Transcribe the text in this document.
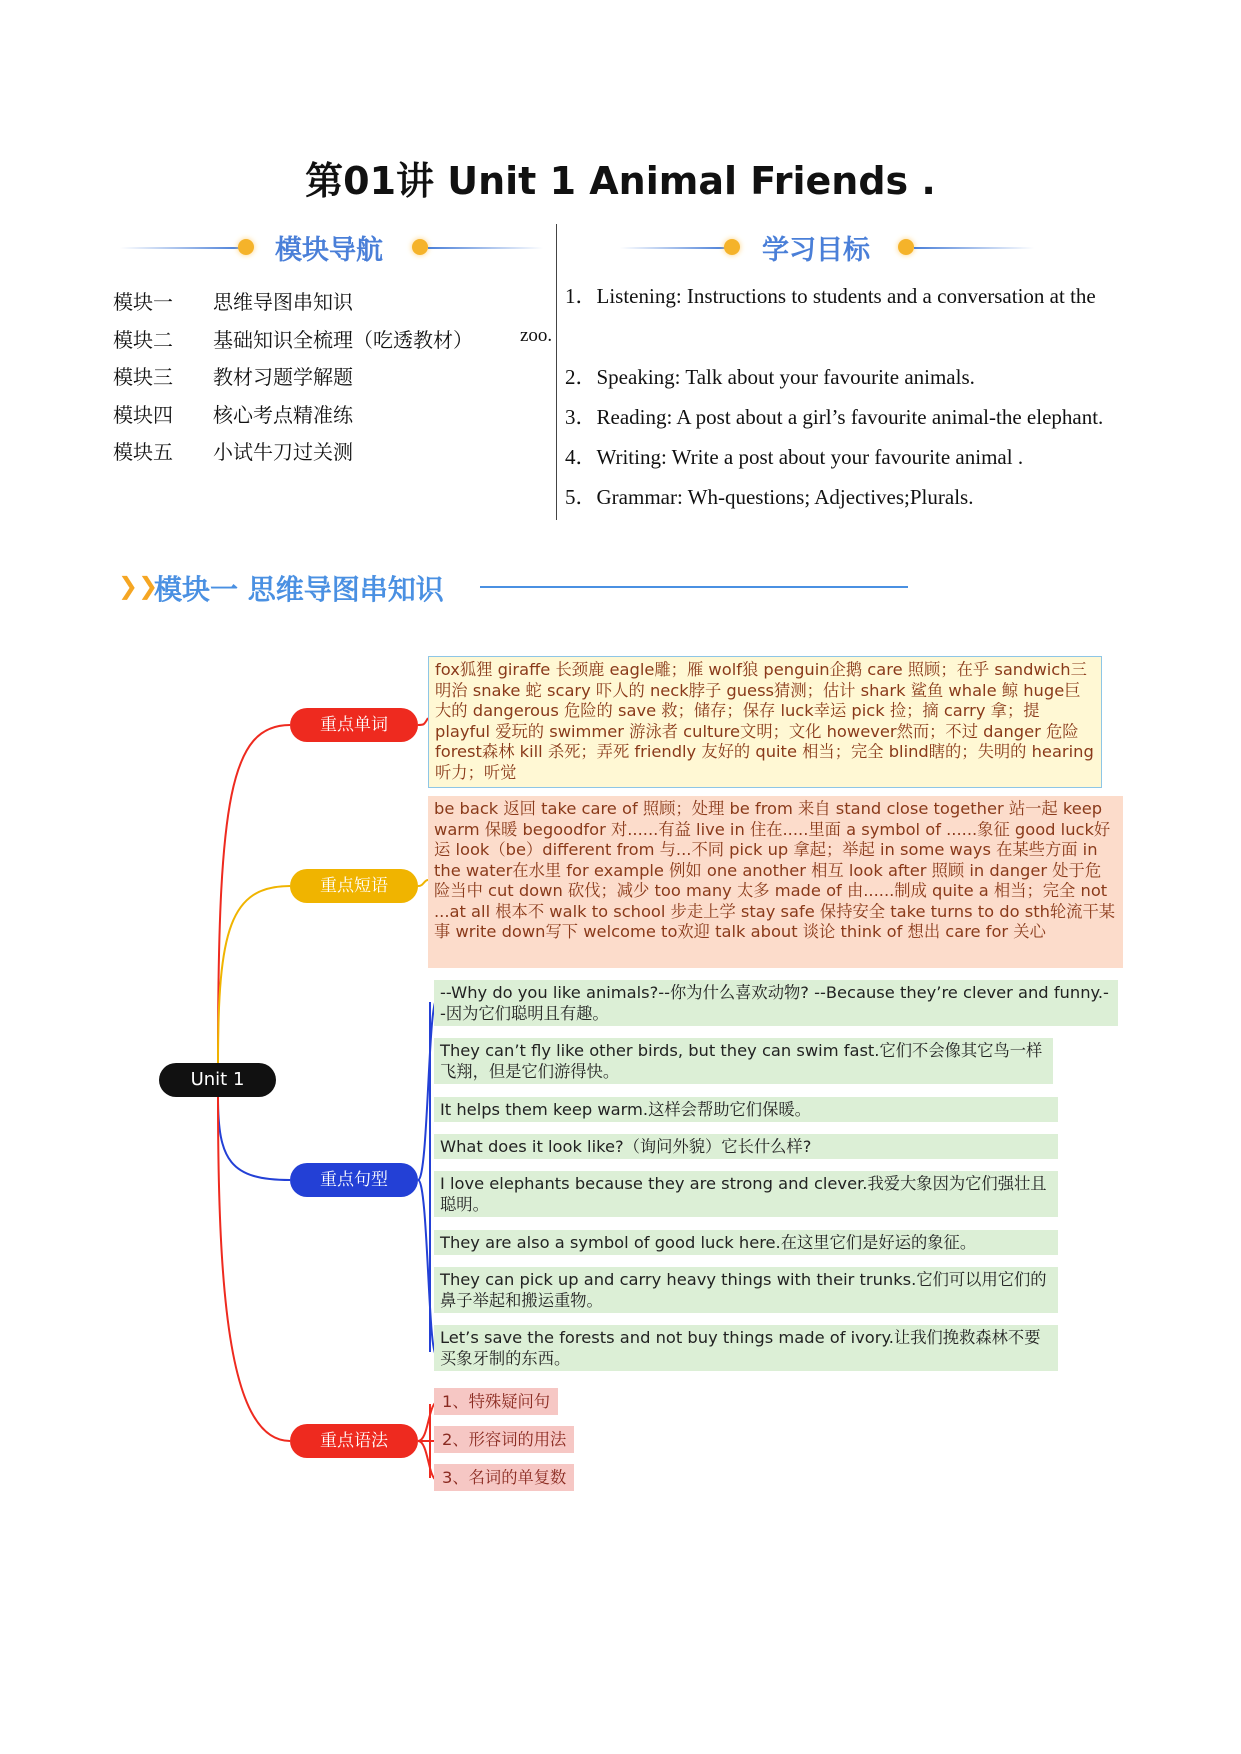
第01讲 Unit 1 Animal Friends .
模块导航	学习目标
模块一 思维导图串知识
模块二 基础知识全梳理（吃透教材）
模块三 教材习题学解题
模块四 核心考点精准练
模块五 小试牛刀过关测
1．Listening: Instructions to students and a conversation at the
zoo.
2．Speaking: Talk about your favourite animals.
3．Reading: A post about a girl’s favourite animal-the elephant.
4．Writing: Write a post about your favourite animal .
5．Grammar: Wh-questions; Adjectives;Plurals.
❯❯
模块一 思维导图串知识
Unit 1
重点单词
重点短语
重点句型
重点语法
fox狐狸 giraffe 长颈鹿 eagle雕；雁 wolf狼 penguin企鹅 care 照顾；在乎 sandwich三明治 snake 蛇 scary 吓人的 neck脖子 guess猜测；估计 shark 鲨鱼 whale 鲸 huge巨大的 dangerous 危险的 save 救；储存；保存 luck幸运 pick 捡；摘 carry 拿；提 playful 爱玩的 swimmer 游泳者 culture文明；文化 however然而；不过 danger 危险 forest森林 kill 杀死；弄死 friendly 友好的 quite 相当；完全 blind瞎的；失明的 hearing 听力；听觉
be back 返回 take care of 照顾；处理 be from 来自 stand close together 站一起 keep warm 保暖 begoodfor 对......有益 live in 住在.....里面 a symbol of ......象征 good luck好运 look（be）different from 与...不同 pick up 拿起；举起 in some ways 在某些方面 in the water在水里 for example 例如 one another 相互 look after 照顾 in danger 处于危险当中 cut down 砍伐；减少 too many 太多 made of 由......制成 quite a 相当；完全 not ...at all 根本不 walk to school 步走上学 stay safe 保持安全 take turns to do sth轮流干某事 write down写下 welcome to欢迎 talk about 谈论 think of 想出 care for 关心
--Why do you like animals?--你为什么喜欢动物? --Because they’re clever and funny.--因为它们聪明且有趣。
They can’t fly like other birds, but they can swim fast.它们不会像其它鸟一样飞翔，但是它们游得快。
It helps them keep warm.这样会帮助它们保暖。
What does it look like?（询问外貌）它长什么样?
I love elephants because they are strong and clever.我爱大象因为它们强壮且聪明。
They are also a symbol of good luck here.在这里它们是好运的象征。
They can pick up and carry heavy things with their trunks.它们可以用它们的鼻子举起和搬运重物。
Let’s save the forests and not buy things made of ivory.让我们挽救森林不要买象牙制的东西。
1、特殊疑问句
2、形容词的用法
3、名词的单复数
